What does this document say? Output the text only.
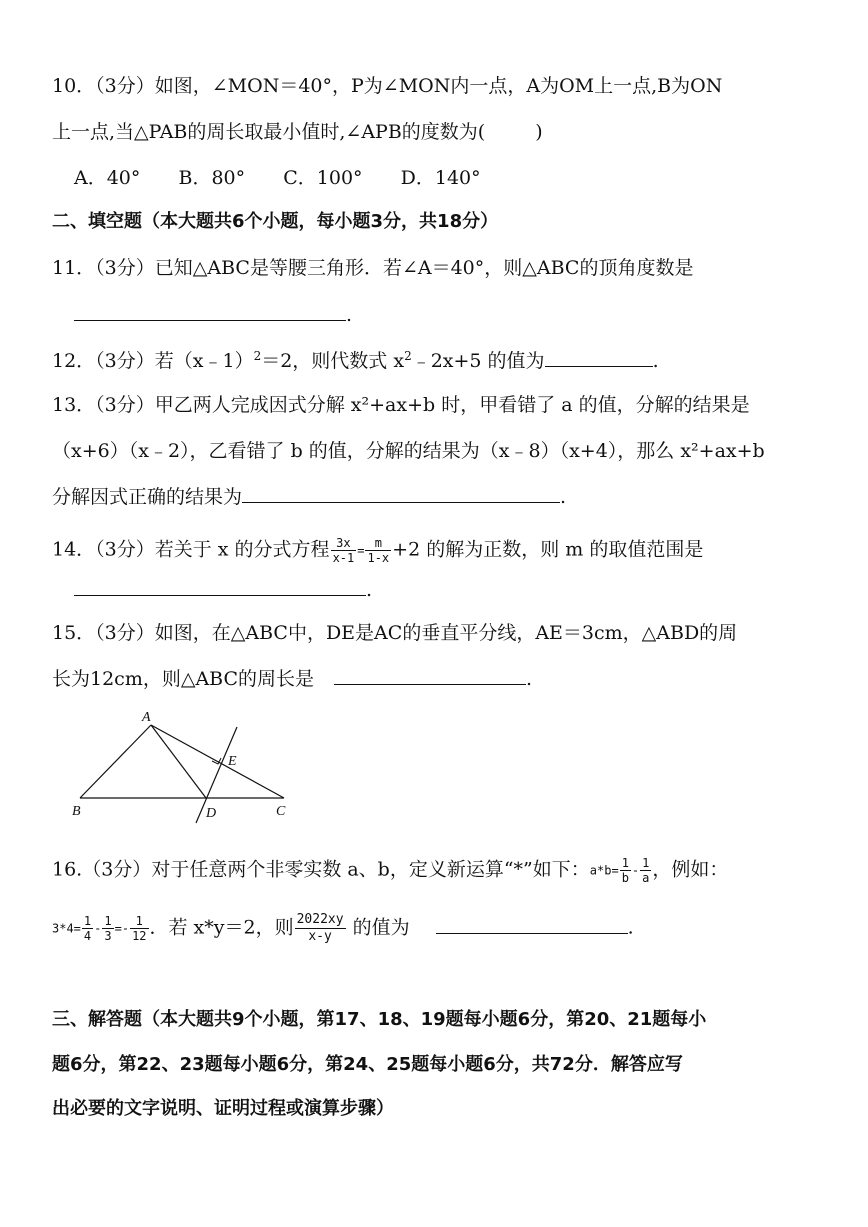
10．（3分）如图，∠MON＝40°，P为∠MON内一点，A为OM上一点,B为ON
上一点,当△PAB的周长取最小值时,∠APB的度数为(	)
A．40° B．80° C．100° D．140°
二、填空题（本大题共6个小题，每小题3分，共18分）
11．（3分）已知△ABC是等腰三角形．若∠A＝40°，则△ABC的顶角度数是
.
12．（3分）若（x﹣1）$^2$＝2，则代数式 $x^2﹣2x+5$ 的值为	.
13．（3分）甲乙两人完成因式分解 x²+ax+b 时，甲看错了 a 的值，分解的结果是
（x+6）（x﹣2），乙看错了 b 的值，分解的结果为（x﹣8）（x+4），那么 x²+ax+b
分解因式正确的结果为	.
14．（3分）若关于 x 的分式方程 $\frac{3x}{x-1} = \frac{m}{1-x} +2$ 的解为正数，则 m 的取值范围是
.
15．（3分）如图，在△ABC中，DE是AC的垂直平分线，AE＝3cm，△ABD的周
长为12cm，则△ABC的周长是	.
A
B	C
D
E
16.（3分）对于任意两个非零实数 a、b，定义新运算“*”如下：$a*b= \frac{1}{b} - \frac{1}{a}$ ，例如：
$3*4= \frac{1}{4} - \frac{1}{3} =- \frac{1}{12}$ ．若 x*y＝2，则 $\frac{2022xy}{x-y}$ 的值为	.
三、解答题（本大题共9个小题，第17、18、19题每小题6分，第20、21题每小
题6分，第22、23题每小题6分，第24、25题每小题6分，共72分．解答应写
出必要的文字说明、证明过程或演算步骤）
